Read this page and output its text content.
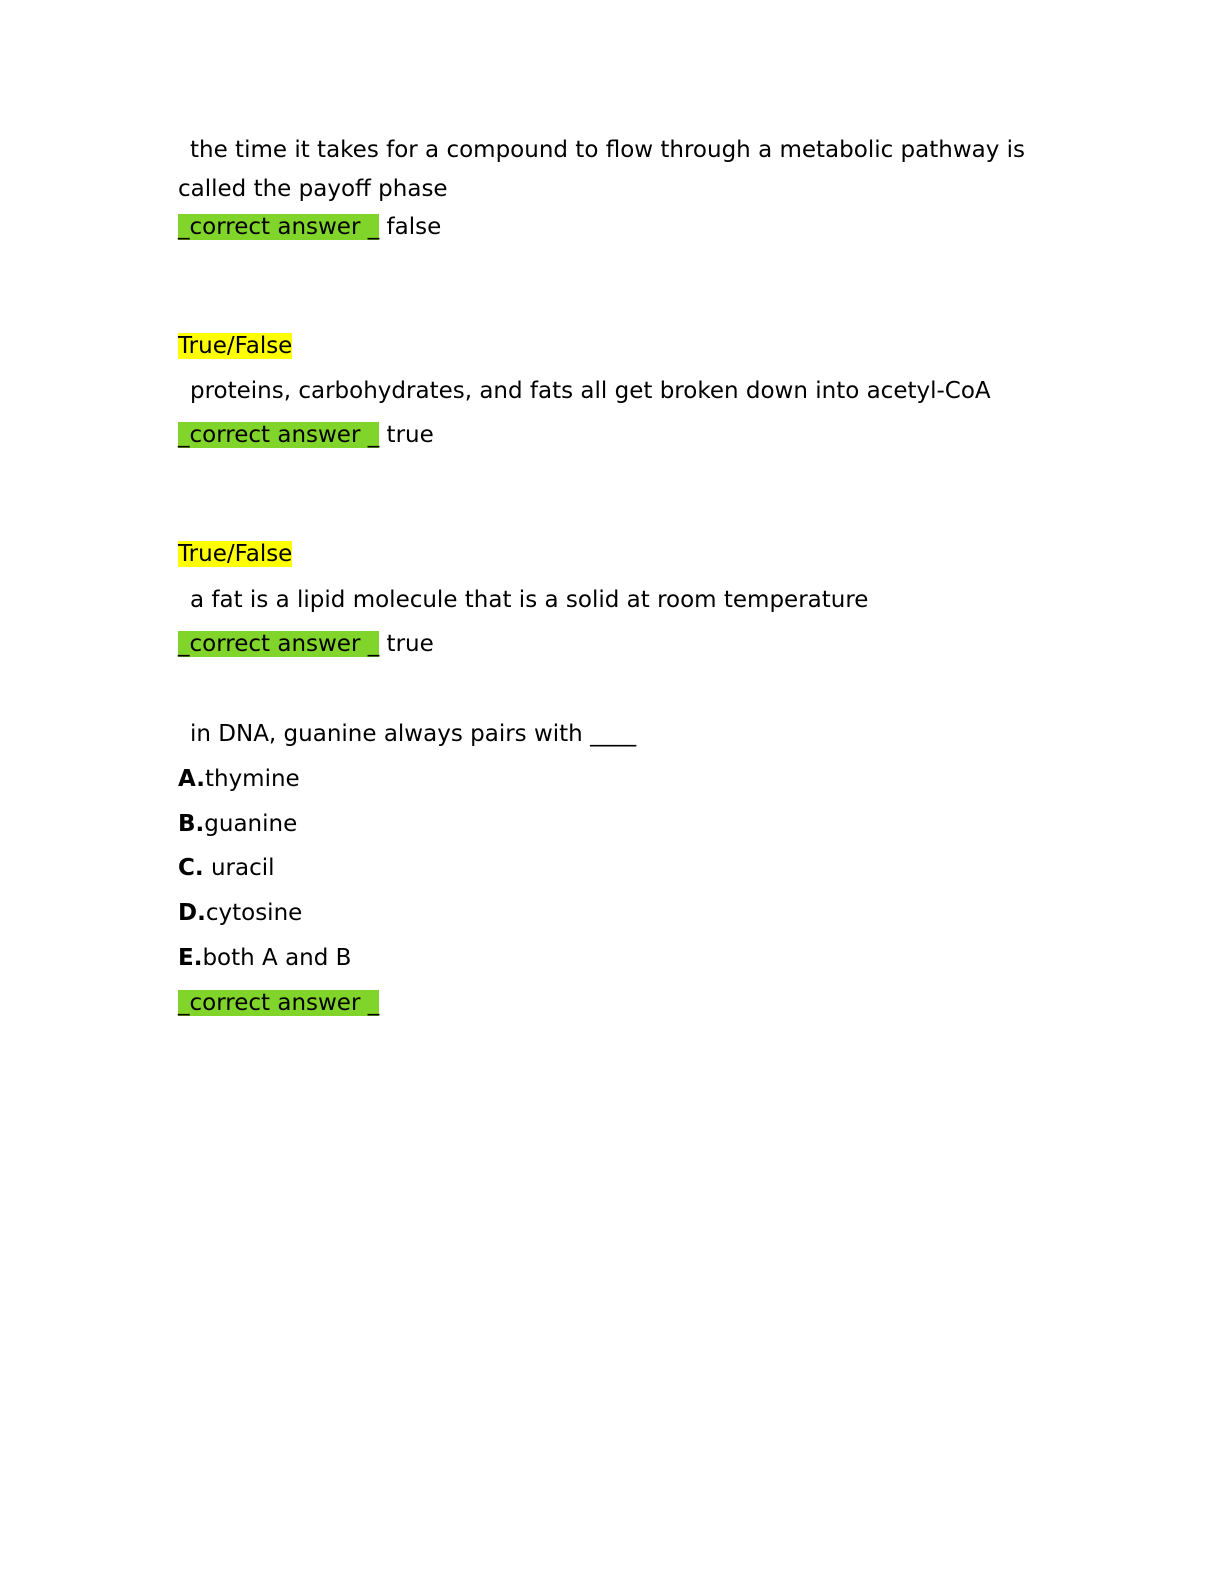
the time it takes for a compound to flow through a metabolic pathway is
called the payoff phase
_correct answer _ false
True/False
proteins, carbohydrates, and fats all get broken down into acetyl-CoA
_correct answer _ true
True/False
a fat is a lipid molecule that is a solid at room temperature
_correct answer _ true
in DNA, guanine always pairs with ____
A.thymine
B.guanine
C. uracil
D.cytosine
E.both A and B
_correct answer _
